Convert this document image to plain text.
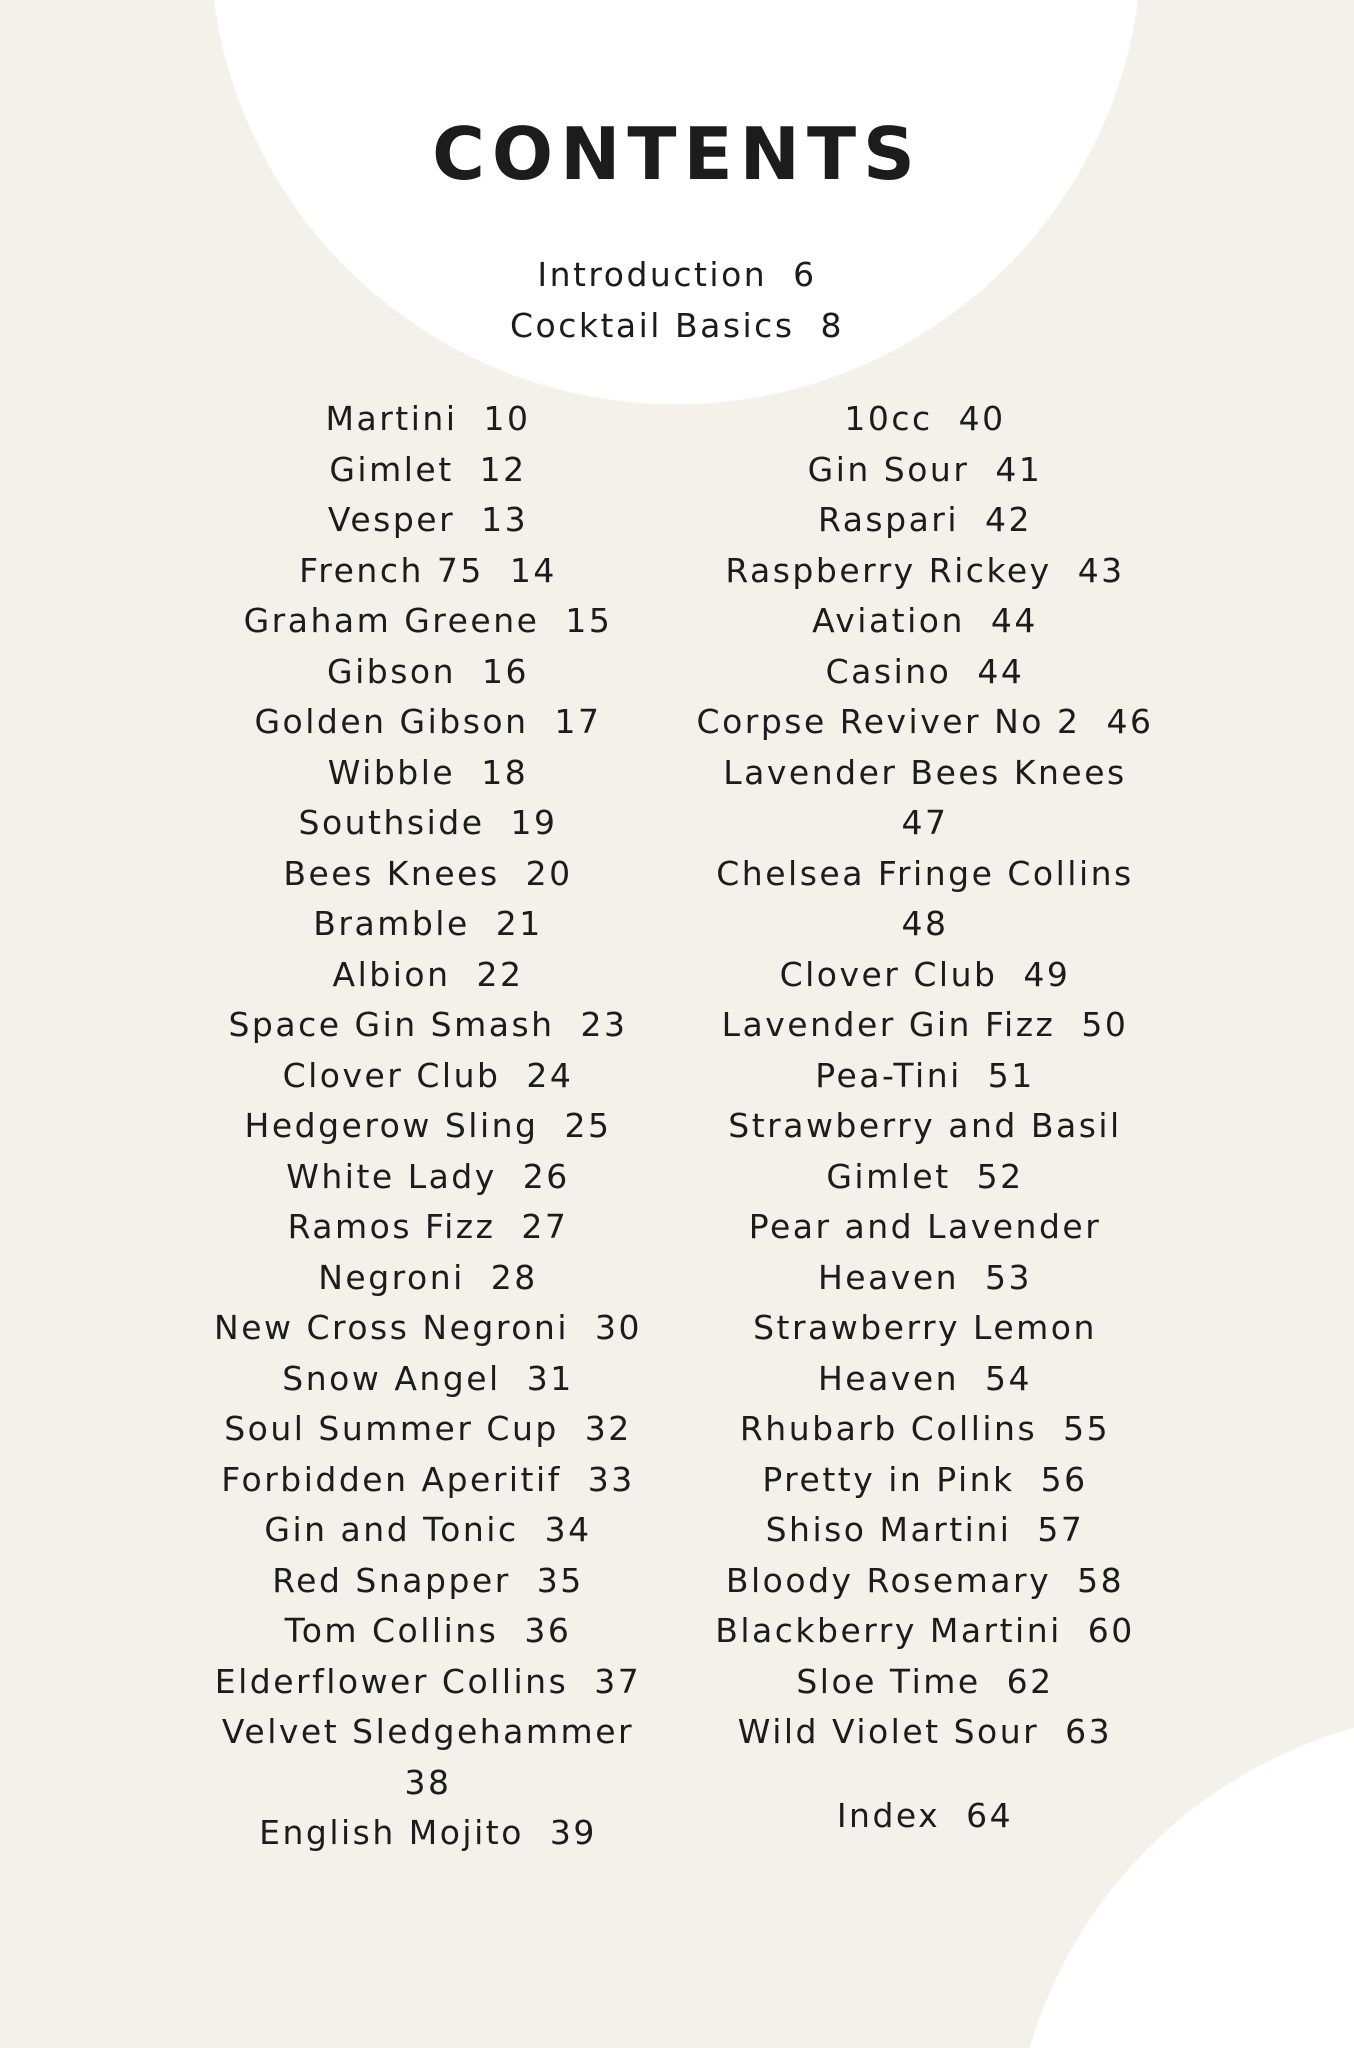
CONTENTS
Introduction  6
Cocktail Basics  8
Martini  10
Gimlet  12
Vesper  13
French 75  14
Graham Greene  15
Gibson  16
Golden Gibson  17
Wibble  18
Southside  19
Bees Knees  20
Bramble  21
Albion  22
Space Gin Smash  23
Clover Club  24
Hedgerow Sling  25
White Lady  26
Ramos Fizz  27
Negroni  28
New Cross Negroni  30
Snow Angel  31
Soul Summer Cup  32
Forbidden Aperitif  33
Gin and Tonic  34
Red Snapper  35
Tom Collins  36
Elderflower Collins  37
Velvet Sledgehammer
38
English Mojito  39
10cc  40
Gin Sour  41
Raspari  42
Raspberry Rickey  43
Aviation  44
Casino  44
Corpse Reviver No 2  46
Lavender Bees Knees
47
Chelsea Fringe Collins
48
Clover Club  49
Lavender Gin Fizz  50
Pea-Tini  51
Strawberry and Basil
Gimlet  52
Pear and Lavender
Heaven  53
Strawberry Lemon
Heaven  54
Rhubarb Collins  55
Pretty in Pink  56
Shiso Martini  57
Bloody Rosemary  58
Blackberry Martini  60
Sloe Time  62
Wild Violet Sour  63
Index  64
